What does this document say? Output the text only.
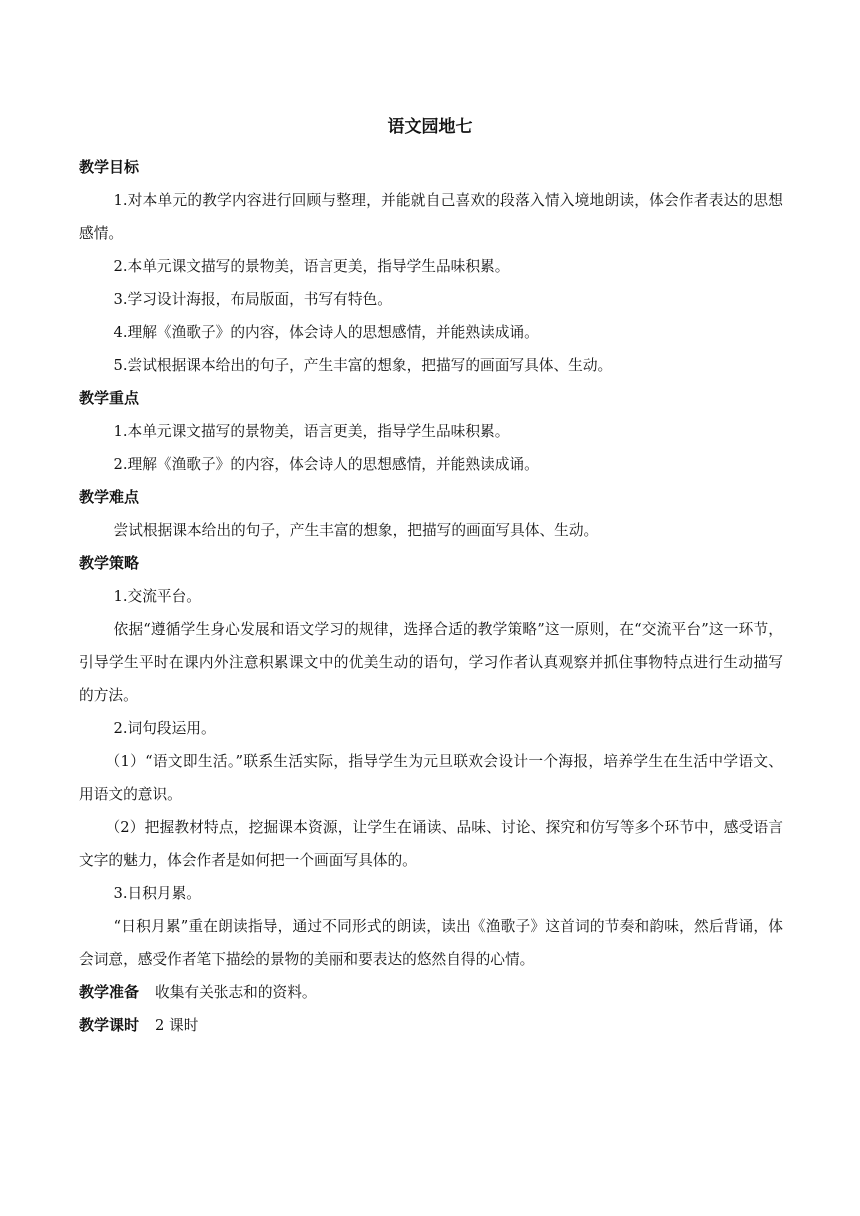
语文园地七
教学目标
1.对本单元的教学内容进行回顾与整理，并能就自己喜欢的段落入情入境地朗读，体会作者表达的思想感情。
2.本单元课文描写的景物美，语言更美，指导学生品味积累。
3.学习设计海报，布局版面，书写有特色。
4.理解《渔歌子》的内容，体会诗人的思想感情，并能熟读成诵。
5.尝试根据课本给出的句子，产生丰富的想象，把描写的画面写具体、生动。
教学重点
1.本单元课文描写的景物美，语言更美，指导学生品味积累。
2.理解《渔歌子》的内容，体会诗人的思想感情，并能熟读成诵。
教学难点
尝试根据课本给出的句子，产生丰富的想象，把描写的画面写具体、生动。
教学策略
1.交流平台。
依据“遵循学生身心发展和语文学习的规律，选择合适的教学策略”这一原则，在“交流平台”这一环节，引导学生平时在课内外注意积累课文中的优美生动的语句，学习作者认真观察并抓住事物特点进行生动描写的方法。
2.词句段运用。
（1）“语文即生活。”联系生活实际，指导学生为元旦联欢会设计一个海报，培养学生在生活中学语文、用语文的意识。
（2）把握教材特点，挖掘课本资源，让学生在诵读、品味、讨论、探究和仿写等多个环节中，感受语言文字的魅力，体会作者是如何把一个画面写具体的。
3.日积月累。
“日积月累”重在朗读指导，通过不同形式的朗读，读出《渔歌子》这首词的节奏和韵味，然后背诵，体会词意，感受作者笔下描绘的景物的美丽和要表达的悠然自得的心情。
教学准备 收集有关张志和的资料。
教学课时 2 课时
